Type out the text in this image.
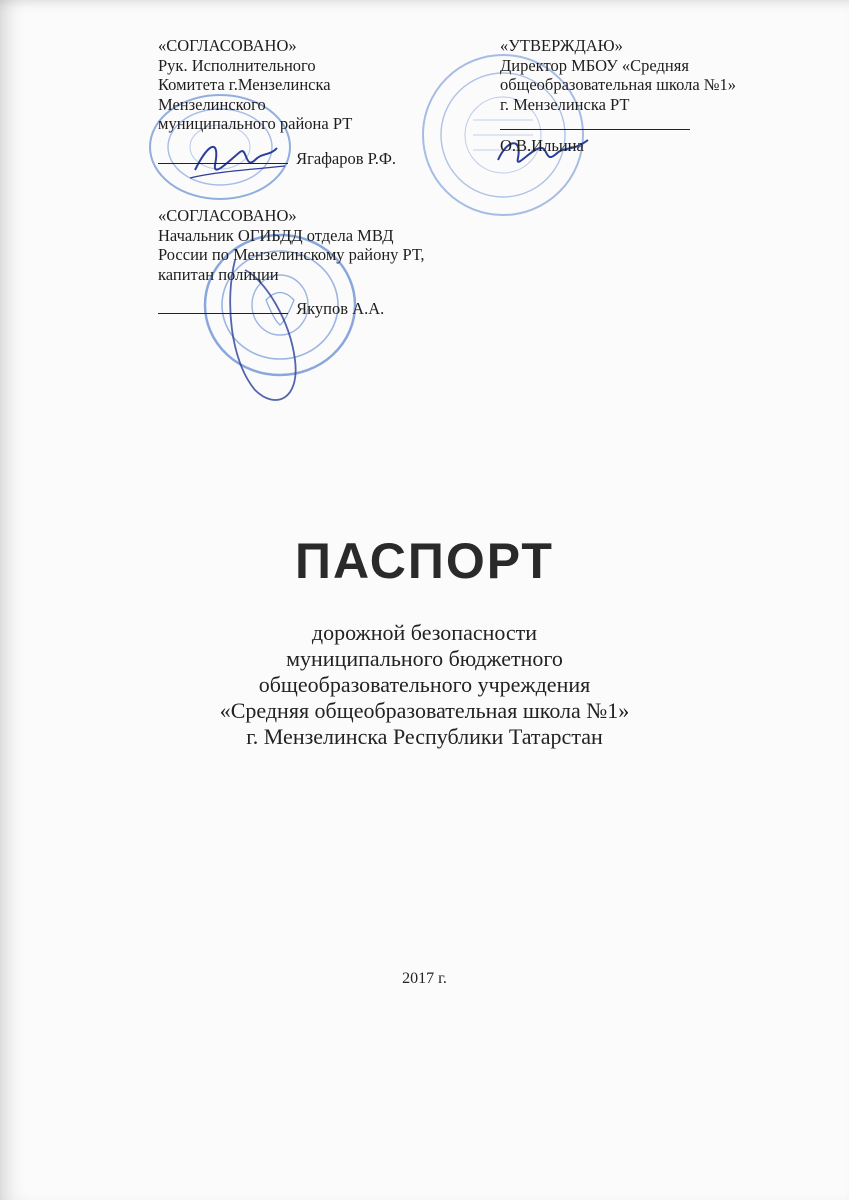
«СОГЛАСОВАНО»
Рук. Исполнительного
Комитета г.Мензелинска
Мензелинского
муниципального района РТ
Ягафаров Р.Ф.
«УТВЕРЖДАЮ»
Директор МБОУ «Средняя
общеобразовательная школа №1»
г. Мензелинска РТ
О.В.Ильина
«СОГЛАСОВАНО»
Начальник ОГИБДД отдела МВД
России по Мензелинскому району РТ,
капитан полиции
Якупов А.А.
ПАСПОРТ
дорожной безопасности
муниципального бюджетного
общеобразовательного учреждения
«Средняя общеобразовательная школа №1»
г. Мензелинска Республики Татарстан
2017 г.
